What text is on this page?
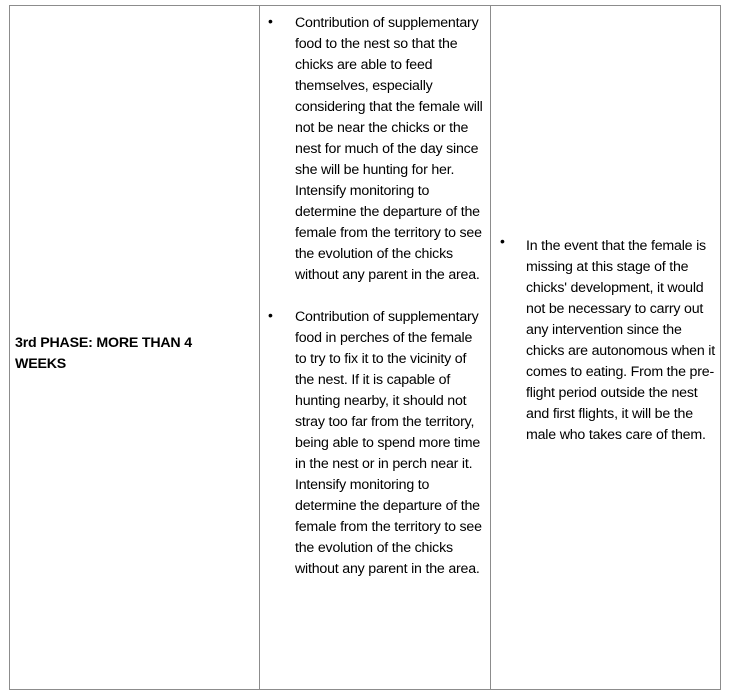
3rd PHASE: MORE THAN 4 WEEKS
• Contribution of supplementary food to the nest so that the chicks are able to feed themselves, especially considering that the female will not be near the chicks or the nest for much of the day since she will be hunting for her. Intensify monitoring to determine the departure of the female from the territory to see the evolution of the chicks without any parent in the area.
• Contribution of supplementary food in perches of the female to try to fix it to the vicinity of the nest. If it is capable of hunting nearby, it should not stray too far from the territory, being able to spend more time in the nest or in perch near it. Intensify monitoring to determine the departure of the female from the territory to see the evolution of the chicks without any parent in the area.
• In the event that the female is missing at this stage of the chicks' development, it would not be necessary to carry out any intervention since the chicks are autonomous when it comes to eating. From the pre-flight period outside the nest and first flights, it will be the male who takes care of them.
